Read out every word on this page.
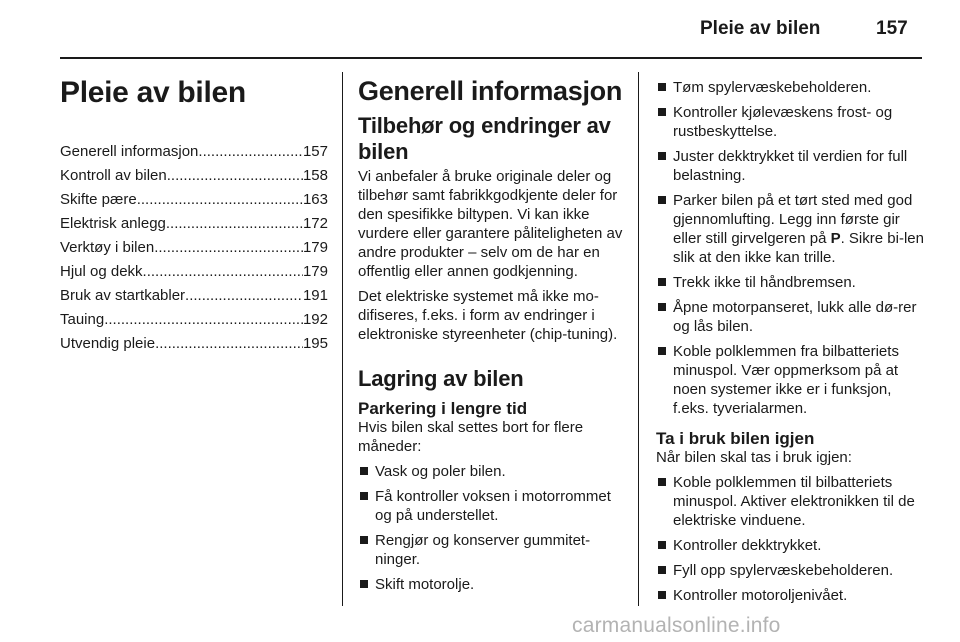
Pleie av bilen	157
Pleie av bilen
Generell informasjon .....	157
Kontroll av bilen .....	158
Skifte pære .....	163
Elektrisk anlegg .....	172
Verktøy i bilen .....	179
Hjul og dekk .....	179
Bruk av startkabler .....	191
Tauing .....	192
Utvendig pleie .....	195
Generell informasjon
Tilbehør og endringer av bilen

Vi anbefaler å bruke originale deler og tilbehør samt fabrikkgodkjente deler for den spesifikke biltypen. Vi kan ikke vurdere eller garantere påliteligheten av andre produkter – selv om de har en offentlig eller annen godkjenning.

Det elektriske systemet må ikke mo-difiseres, f.eks. i form av endringer i elektroniske styreenheter (chip-tuning).

Lagring av bilen
Parkering i lengre tid

Hvis bilen skal settes bort for flere måneder:

Vask og poler bilen.
Få kontroller voksen i motorrommet og på understellet.
Rengjør og konserver gummitet-ninger.
Skift motorolje.
Tøm spylervæskebeholderen.
Kontroller kjølevæskens frost- og rustbeskyttelse.
Juster dekktrykket til verdien for full belastning.
Parker bilen på et tørt sted med god gjennomlufting. Legg inn første gir eller still girvelgeren på P. Sikre bi-len slik at den ikke kan trille.
Trekk ikke til håndbremsen.
Åpne motorpanseret, lukk alle dø-rer og lås bilen.
Koble polklemmen fra bilbatteriets minuspol. Vær oppmerksom på at noen systemer ikke er i funksjon, f.eks. tyverialarmen.
Ta i bruk bilen igjen

Når bilen skal tas i bruk igjen:

Koble polklemmen til bilbatteriets minuspol. Aktiver elektronikken til de elektriske vinduene.
Kontroller dekktrykket.
Fyll opp spylervæskebeholderen.
Kontroller motoroljenivået.
carmanualsonline.info
